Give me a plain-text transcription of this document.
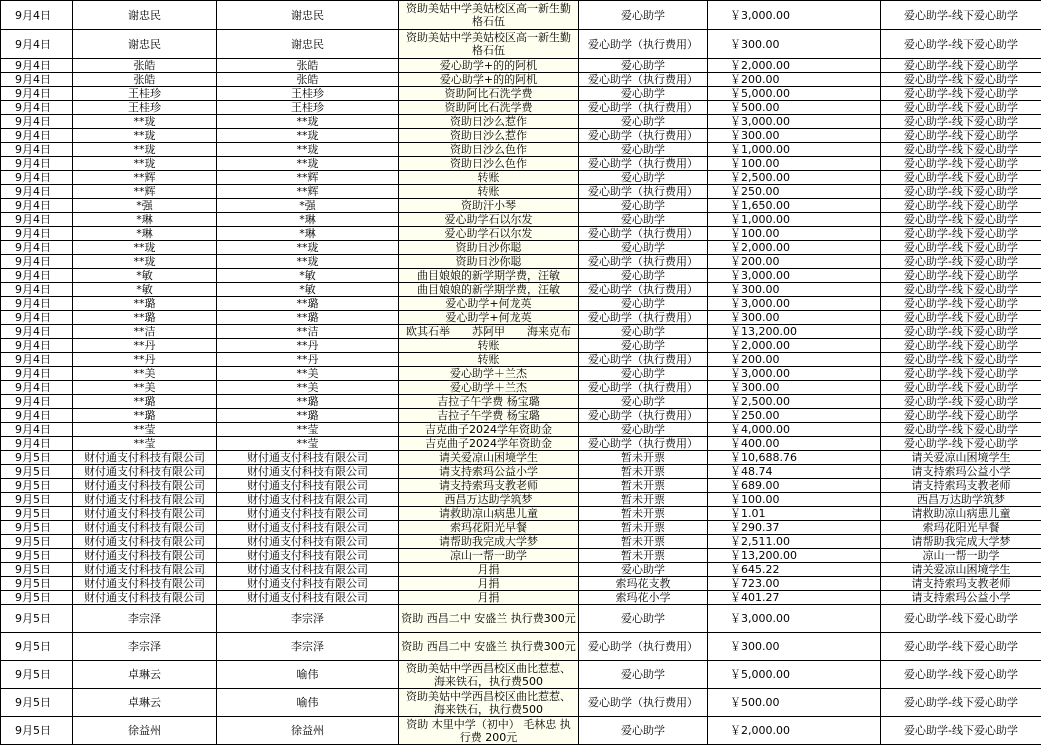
9月4日	谢忠民	谢忠民	资助美姑中学美姑校区高一新生勤格石伍	爱心助学	￥3,000.00	爱心助学-线下爱心助学
9月4日	谢忠民	谢忠民	资助美姑中学美姑校区高一新生勤格石伍	爱心助学（执行费用）	￥300.00	爱心助学-线下爱心助学
9月4日	张皓	张皓	爱心助学+的的阿机	爱心助学	￥2,000.00	爱心助学-线下爱心助学
9月4日	张皓	张皓	爱心助学+的的阿机	爱心助学（执行费用）	￥200.00	爱心助学-线下爱心助学
9月4日	王桂珍	王桂珍	资助阿比石洗学费	爱心助学	￥5,000.00	爱心助学-线下爱心助学
9月4日	王桂珍	王桂珍	资助阿比石洗学费	爱心助学（执行费用）	￥500.00	爱心助学-线下爱心助学
9月4日	**珑	**珑	资助日沙么惹作	爱心助学	￥3,000.00	爱心助学-线下爱心助学
9月4日	**珑	**珑	资助日沙么惹作	爱心助学（执行费用）	￥300.00	爱心助学-线下爱心助学
9月4日	**珑	**珑	资助日沙么色作	爱心助学	￥1,000.00	爱心助学-线下爱心助学
9月4日	**珑	**珑	资助日沙么色作	爱心助学（执行费用）	￥100.00	爱心助学-线下爱心助学
9月4日	**辉	**辉	转账	爱心助学	￥2,500.00	爱心助学-线下爱心助学
9月4日	**辉	**辉	转账	爱心助学（执行费用）	￥250.00	爱心助学-线下爱心助学
9月4日	*强	*强	资助汗小琴	爱心助学	￥1,650.00	爱心助学-线下爱心助学
9月4日	*琳	*琳	爱心助学石以尔发	爱心助学	￥1,000.00	爱心助学-线下爱心助学
9月4日	*琳	*琳	爱心助学石以尔发	爱心助学（执行费用）	￥100.00	爱心助学-线下爱心助学
9月4日	**珑	**珑	资助日沙你聪	爱心助学	￥2,000.00	爱心助学-线下爱心助学
9月4日	**珑	**珑	资助日沙你聪	爱心助学（执行费用）	￥200.00	爱心助学-线下爱心助学
9月4日	*敏	*敏	曲目娘娘的新学期学费，汪敏	爱心助学	￥3,000.00	爱心助学-线下爱心助学
9月4日	*敏	*敏	曲目娘娘的新学期学费，汪敏	爱心助学（执行费用）	￥300.00	爱心助学-线下爱心助学
9月4日	**璐	**璐	爱心助学+何龙英	爱心助学	￥3,000.00	爱心助学-线下爱心助学
9月4日	**璐	**璐	爱心助学+何龙英	爱心助学（执行费用）	￥300.00	爱心助学-线下爱心助学
9月4日	**洁	**洁	欧其石举　　苏阿甲　　海来克布	爱心助学	￥13,200.00	爱心助学-线下爱心助学
9月4日	**丹	**丹	转账	爱心助学	￥2,000.00	爱心助学-线下爱心助学
9月4日	**丹	**丹	转账	爱心助学（执行费用）	￥200.00	爱心助学-线下爱心助学
9月4日	**美	**美	爱心助学＋兰杰	爱心助学	￥3,000.00	爱心助学-线下爱心助学
9月4日	**美	**美	爱心助学＋兰杰	爱心助学（执行费用）	￥300.00	爱心助学-线下爱心助学
9月4日	**璐	**璐	吉拉子午学费 杨宝璐	爱心助学	￥2,500.00	爱心助学-线下爱心助学
9月4日	**璐	**璐	吉拉子午学费 杨宝璐	爱心助学（执行费用）	￥250.00	爱心助学-线下爱心助学
9月4日	**莹	**莹	吉克曲子2024学年资助金	爱心助学	￥4,000.00	爱心助学-线下爱心助学
9月4日	**莹	**莹	吉克曲子2024学年资助金	爱心助学（执行费用）	￥400.00	爱心助学-线下爱心助学
9月5日	财付通支付科技有限公司	财付通支付科技有限公司	请关爱凉山困境学生	暂未开票	￥10,688.76	请关爱凉山困境学生
9月5日	财付通支付科技有限公司	财付通支付科技有限公司	请支持索玛公益小学	暂未开票	￥48.74	请支持索玛公益小学
9月5日	财付通支付科技有限公司	财付通支付科技有限公司	请支持索玛支教老师	暂未开票	￥689.00	请支持索玛支教老师
9月5日	财付通支付科技有限公司	财付通支付科技有限公司	西昌万达助学筑梦	暂未开票	￥100.00	西昌万达助学筑梦
9月5日	财付通支付科技有限公司	财付通支付科技有限公司	请救助凉山病患儿童	暂未开票	￥1.01	请救助凉山病患儿童
9月5日	财付通支付科技有限公司	财付通支付科技有限公司	索玛花阳光早餐	暂未开票	￥290.37	索玛花阳光早餐
9月5日	财付通支付科技有限公司	财付通支付科技有限公司	请帮助我完成大学梦	暂未开票	￥2,511.00	请帮助我完成大学梦
9月5日	财付通支付科技有限公司	财付通支付科技有限公司	凉山一帮一助学	暂未开票	￥13,200.00	凉山一帮一助学
9月5日	财付通支付科技有限公司	财付通支付科技有限公司	月捐	爱心助学	￥645.22	请关爱凉山困境学生
9月5日	财付通支付科技有限公司	财付通支付科技有限公司	月捐	索玛花支教	￥723.00	请支持索玛支教老师
9月5日	财付通支付科技有限公司	财付通支付科技有限公司	月捐	索玛花小学	￥401.27	请支持索玛公益小学
9月5日	李宗泽	李宗泽	资助 西昌二中 安盛兰 执行费300元	爱心助学	￥3,000.00	爱心助学-线下爱心助学
9月5日	李宗泽	李宗泽	资助 西昌二中 安盛兰 执行费300元	爱心助学（执行费用）	￥300.00	爱心助学-线下爱心助学
9月5日	卓琳云	喻伟	资助美姑中学西昌校区曲比惹惹、海来铁石，执行费500	爱心助学	￥5,000.00	爱心助学-线下爱心助学
9月5日	卓琳云	喻伟	资助美姑中学西昌校区曲比惹惹、海来铁石，执行费500	爱心助学（执行费用）	￥500.00	爱心助学-线下爱心助学
9月5日	徐益州	徐益州	资助 木里中学（初中） 毛林忠 执行费 200元	爱心助学	￥2,000.00	爱心助学-线下爱心助学
